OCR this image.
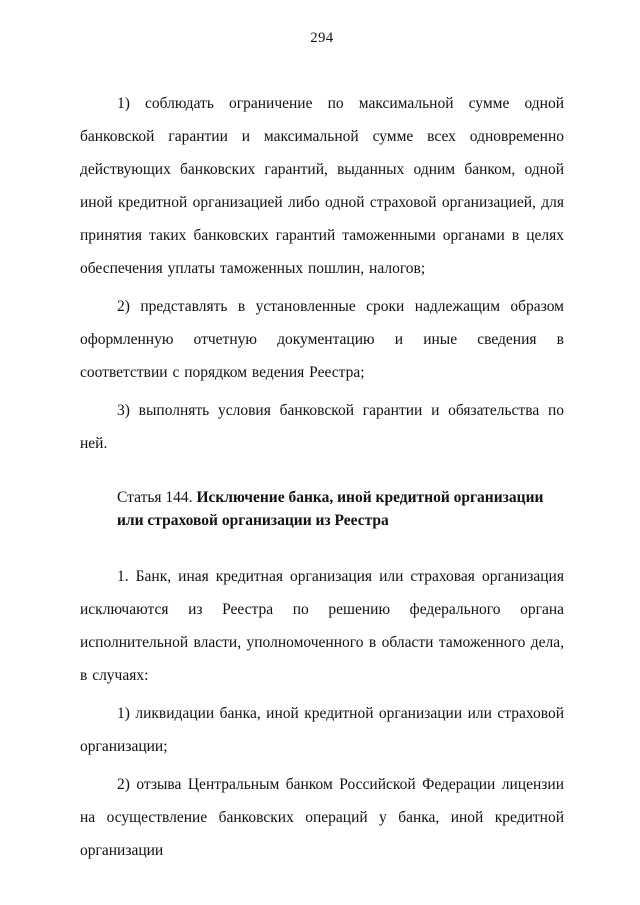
294

1) соблюдать ограничение по максимальной сумме одной банковской гарантии и максимальной сумме всех одновременно действующих банковских гарантий, выданных одним банком, одной иной кредитной организацией либо одной страховой организацией, для принятия таких банковских гарантий таможенными органами в целях обеспечения уплаты таможенных пошлин, налогов;

2) представлять в установленные сроки надлежащим образом оформленную отчетную документацию и иные сведения в соответствии с порядком ведения Реестра;

3) выполнять условия банковской гарантии и обязательства по ней.

Статья 144. Исключение банка, иной кредитной организации или страховой организации из Реестра

1. Банк, иная кредитная организация или страховая организация исключаются из Реестра по решению федерального органа исполнительной власти, уполномоченного в области таможенного дела, в случаях:

1) ликвидации банка, иной кредитной организации или страховой организации;

2) отзыва Центральным банком Российской Федерации лицензии на осуществление банковских операций у банка, иной кредитной организации
